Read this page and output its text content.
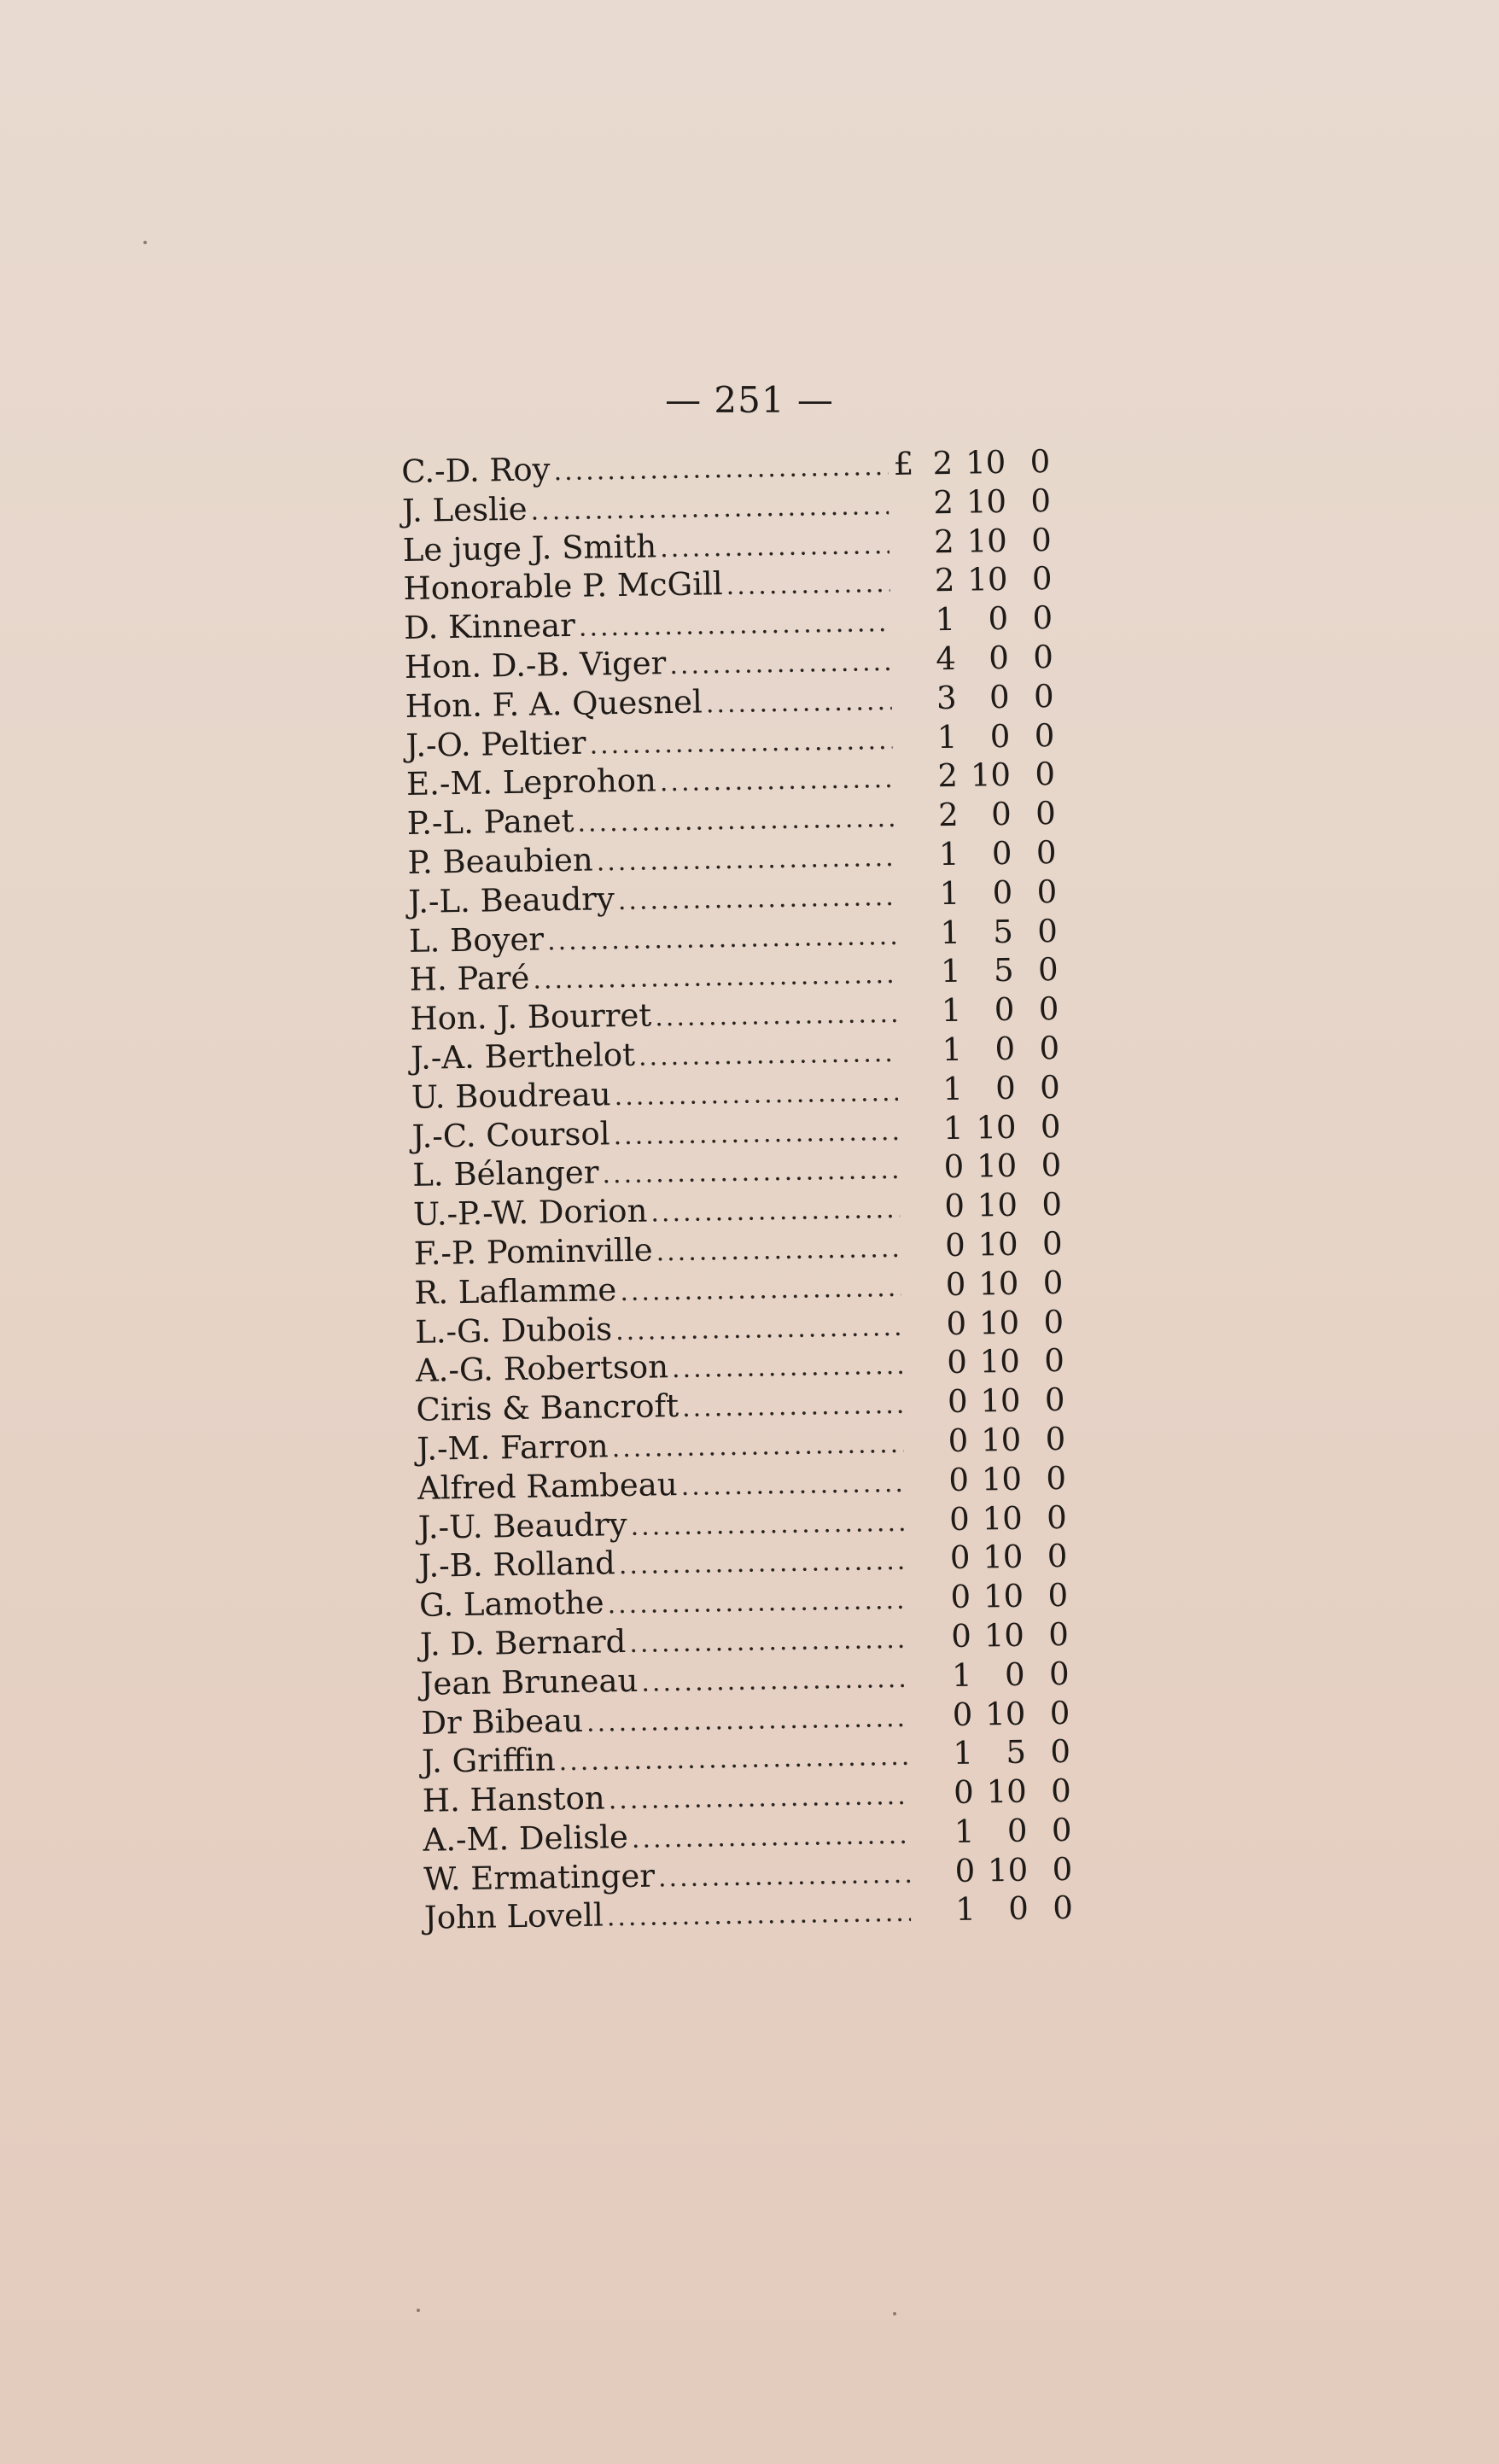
— 251 —
C.-D. Roy .....	£ 2 10 0
J. Leslie .....	2 10 0
Le juge J. Smith .....	2 10 0
Honorable P. McGill .....	2 10 0
D. Kinnear .....	1	0 0
Hon. D.-B. Viger .....	4	0 0
Hon. F. A. Quesnel .....	3	0 0
J.-O. Peltier .....	1	0 0
E.-M. Leprohon .....	2 10 0
P.-L. Panet .....	2	0 0
P. Beaubien .....	1	0 0
J.-L. Beaudry .....	1	0 0
L. Boyer .....	1	5 0
H. Paré .....	1	5 0
Hon. J. Bourret .....	1	0 0
J.-A. Berthelot .....	1	0 0
U. Boudreau .....	1	0 0
J.-C. Coursol .....	1 10 0
L. Bélanger .....	0 10 0
U.-P.-W. Dorion .....	0 10 0
F.-P. Pominville .....	0 10 0
R. Laflamme .....	0 10 0
L.-G. Dubois .....	0 10 0
A.-G. Robertson .....	0 10 0
Ciris & Bancroft .....	0 10 0
J.-M. Farron .....	0 10 0
Alfred Rambeau .....	0 10 0
J.-U. Beaudry .....	0 10 0
J.-B. Rolland .....	0 10 0
G. Lamothe .....	0 10 0
J. D. Bernard .....	0 10 0
Jean Bruneau .....	1	0 0
Dr Bibeau .....	0 10 0
J. Griffin .....	1	5 0
H. Hanston .....	0 10 0
A.-M. Delisle .....	1	0 0
W. Ermatinger .....	0 10 0
John Lovell .....	1	0 0
